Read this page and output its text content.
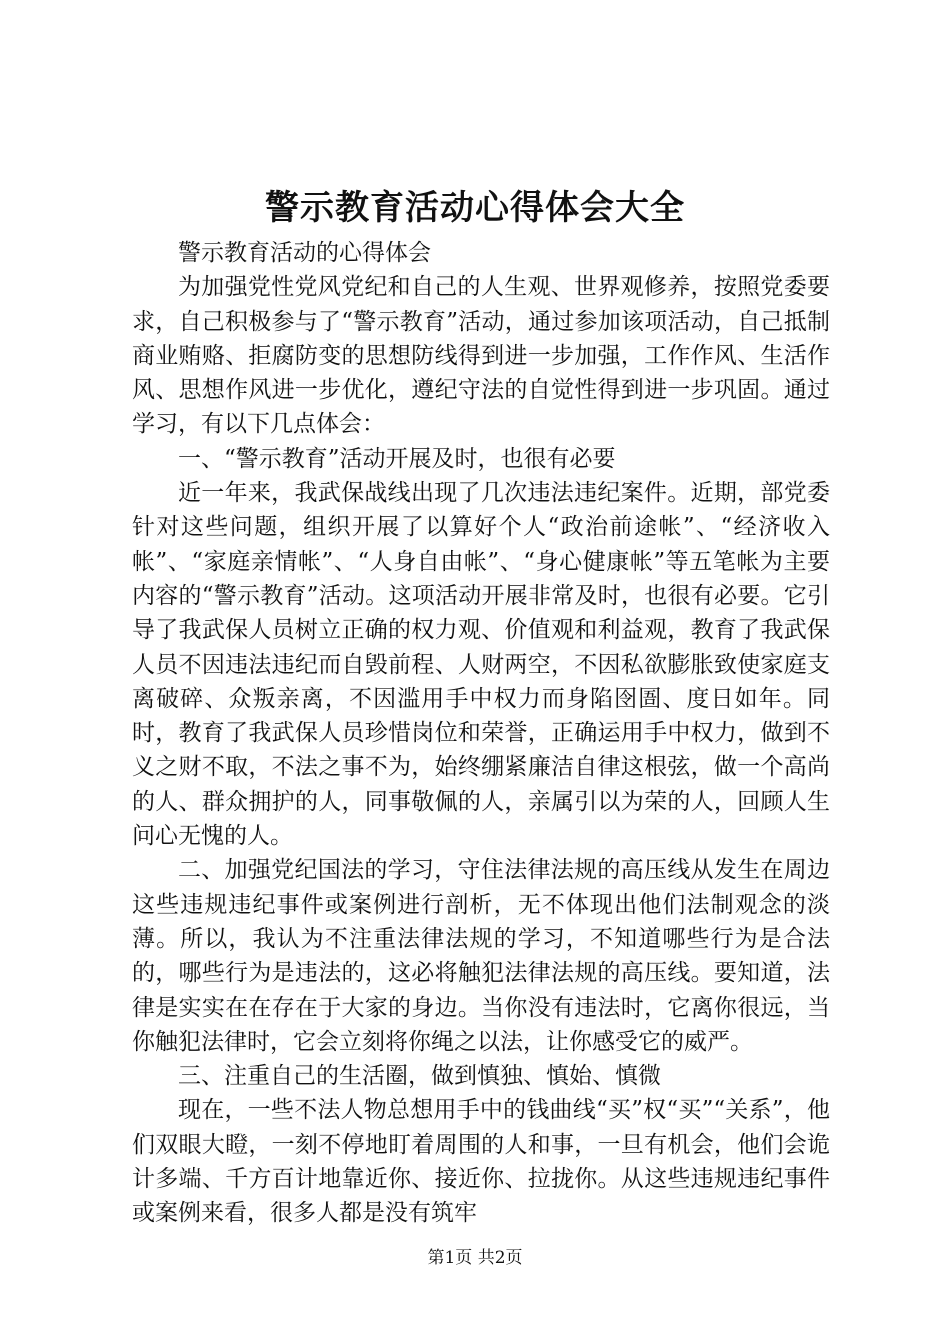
警示教育活动心得体会大全

警示教育活动的心得体会

为加强党性党风党纪和自己的人生观、世界观修养，按照党委要求，自己积极参与了“警示教育”活动，通过参加该项活动，自己抵制商业贿赂、拒腐防变的思想防线得到进一步加强，工作作风、生活作风、思想作风进一步优化，遵纪守法的自觉性得到进一步巩固。通过学习，有以下几点体会：

一、“警示教育”活动开展及时，也很有必要

近一年来，我武保战线出现了几次违法违纪案件。近期，部党委针对这些问题，组织开展了以算好个人“政治前途帐”、“经济收入帐”、“家庭亲情帐”、“人身自由帐”、“身心健康帐”等五笔帐为主要内容的“警示教育”活动。这项活动开展非常及时，也很有必要。它引导了我武保人员树立正确的权力观、价值观和利益观，教育了我武保人员不因违法违纪而自毁前程、人财两空，不因私欲膨胀致使家庭支离破碎、众叛亲离，不因滥用手中权力而身陷囹圄、度日如年。同时，教育了我武保人员珍惜岗位和荣誉，正确运用手中权力，做到不义之财不取，不法之事不为，始终绷紧廉洁自律这根弦，做一个高尚的人、群众拥护的人，同事敬佩的人，亲属引以为荣的人，回顾人生问心无愧的人。

二、加强党纪国法的学习，守住法律法规的高压线从发生在周边这些违规违纪事件或案例进行剖析，无不体现出他们法制观念的淡薄。所以，我认为不注重法律法规的学习，不知道哪些行为是合法的，哪些行为是违法的，这必将触犯法律法规的高压线。要知道，法律是实实在在存在于大家的身边。当你没有违法时，它离你很远，当你触犯法律时，它会立刻将你绳之以法，让你感受它的威严。

三、注重自己的生活圈，做到慎独、慎始、慎微

现在，一些不法人物总想用手中的钱曲线“买”权“买”“关系”，他们双眼大瞪，一刻不停地盯着周围的人和事，一旦有机会，他们会诡计多端、千方百计地靠近你、接近你、拉拢你。从这些违规违纪事件或案例来看，很多人都是没有筑牢

第1页 共2页
